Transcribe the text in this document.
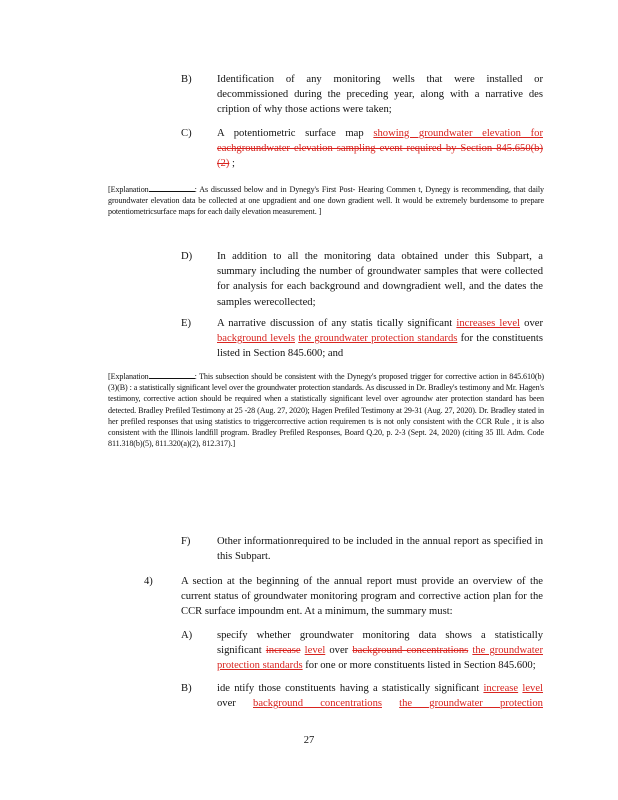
B) Identification of any monitoring wells that were installed or decommissioned during the preceding year, along with a narrative des cription of why those actions were taken;
C) A potentiometric surface map showing groundwater elevation for eachgroundwater elevation sampling event required by Section 845.650(b)(2) ;
[Explanation	: As discussed below and in Dynegy's First Post- Hearing Commen t, Dynegy is recommending, that daily groundwater elevation data be collected at one upgradient and one down gradient well. It would be extremely burdensome to prepare potentiometricsurface maps for each daily elevation measurement. ]
D) In addition to all the monitoring data obtained under this Subpart, a summary including the number of groundwater samples that were collected for analysis for each background and downgradient well, and the dates the samples werecollected;
E) A narrative discussion of any statis tically significant increases level over background levels the groundwater protection standards for the constituents listed in Section 845.600; and
[Explanation	: This subsection should be consistent with the Dynegy's proposed trigger for corrective action in 845.610(b)(3)(B) : a statistically significant level over the groundwater protection standards. As discussed in Dr. Bradley's testimony and Mr. Hagen's testimony, corrective action should be required when a statistically significant level over agroundw ater protection standard has been detected. Bradley Prefiled Testimony at 25 -28 (Aug. 27, 2020); Hagen Prefiled Testimony at 29-31 (Aug. 27, 2020). Dr. Bradley stated in her prefiled responses that using statistics to triggercorrective action requiremen ts is not only consistent with the CCR Rule , it is also consistent with the Illinois landfill program. Bradley Prefiled Responses, Board Q.20, p. 2-3 (Sept. 24, 2020) (citing 35 Ill. Adm. Code 811.318(b)(5), 811.320(a)(2), 812.317).]
F)	Other informationrequired to be included in the annual report as specified in this Subpart.
4)	A section at the beginning of the annual report must provide an overview of the current status of groundwater monitoring program and corrective action plan for the CCR surface impoundm ent. At a minimum, the summary must:
A) specify whether groundwater monitoring data shows a statistically significant increase level over background concentrations the groundwater protection standards for one or more constituents listed in Section 845.600;
B) ide ntify those constituents having a statistically significant increase level over background concentrations the groundwater protection
27
